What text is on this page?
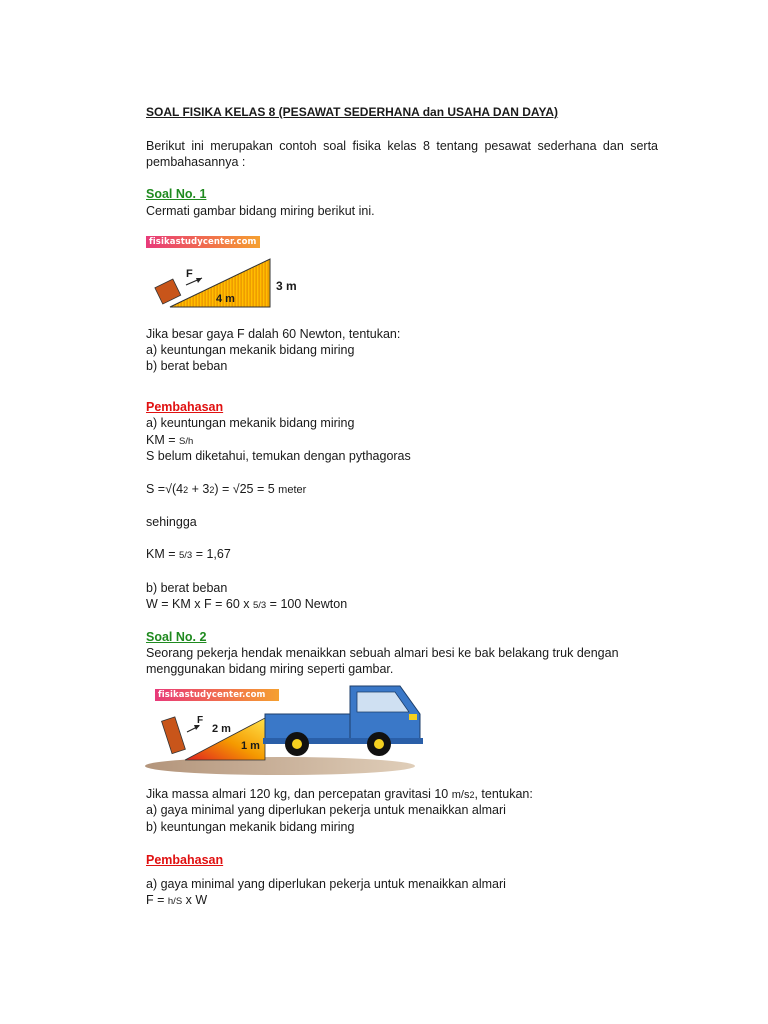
SOAL FISIKA KELAS 8 (PESAWAT SEDERHANA dan USAHA DAN DAYA)
Berikut ini merupakan contoh soal fisika kelas 8 tentang pesawat sederhana dan serta pembahasannya :
Soal No. 1
Cermati gambar bidang miring berikut ini.
fisikastudycenter.com
F
4 m
3 m
Jika besar gaya F dalah 60 Newton, tentukan:
a) keuntungan mekanik bidang miring
b) berat beban
Pembahasan
a) keuntungan mekanik bidang miring
KM = S/h
S belum diketahui, temukan dengan pythagoras
S =√(42 + 32) = √25 = 5 meter
sehingga
KM = 5/3 = 1,67
b) berat beban
W = KM x F = 60 x 5/3 = 100 Newton
Soal No. 2
Seorang pekerja hendak menaikkan sebuah almari besi ke bak belakang truk dengan menggunakan bidang miring seperti gambar.
fisikastudycenter.com
F
2 m
1 m
Jika massa almari 120 kg, dan percepatan gravitasi 10 m/s2, tentukan:
a) gaya minimal yang diperlukan pekerja untuk menaikkan almari
b) keuntungan mekanik bidang miring
Pembahasan
a) gaya minimal yang diperlukan pekerja untuk menaikkan almari
F = h/S x W
